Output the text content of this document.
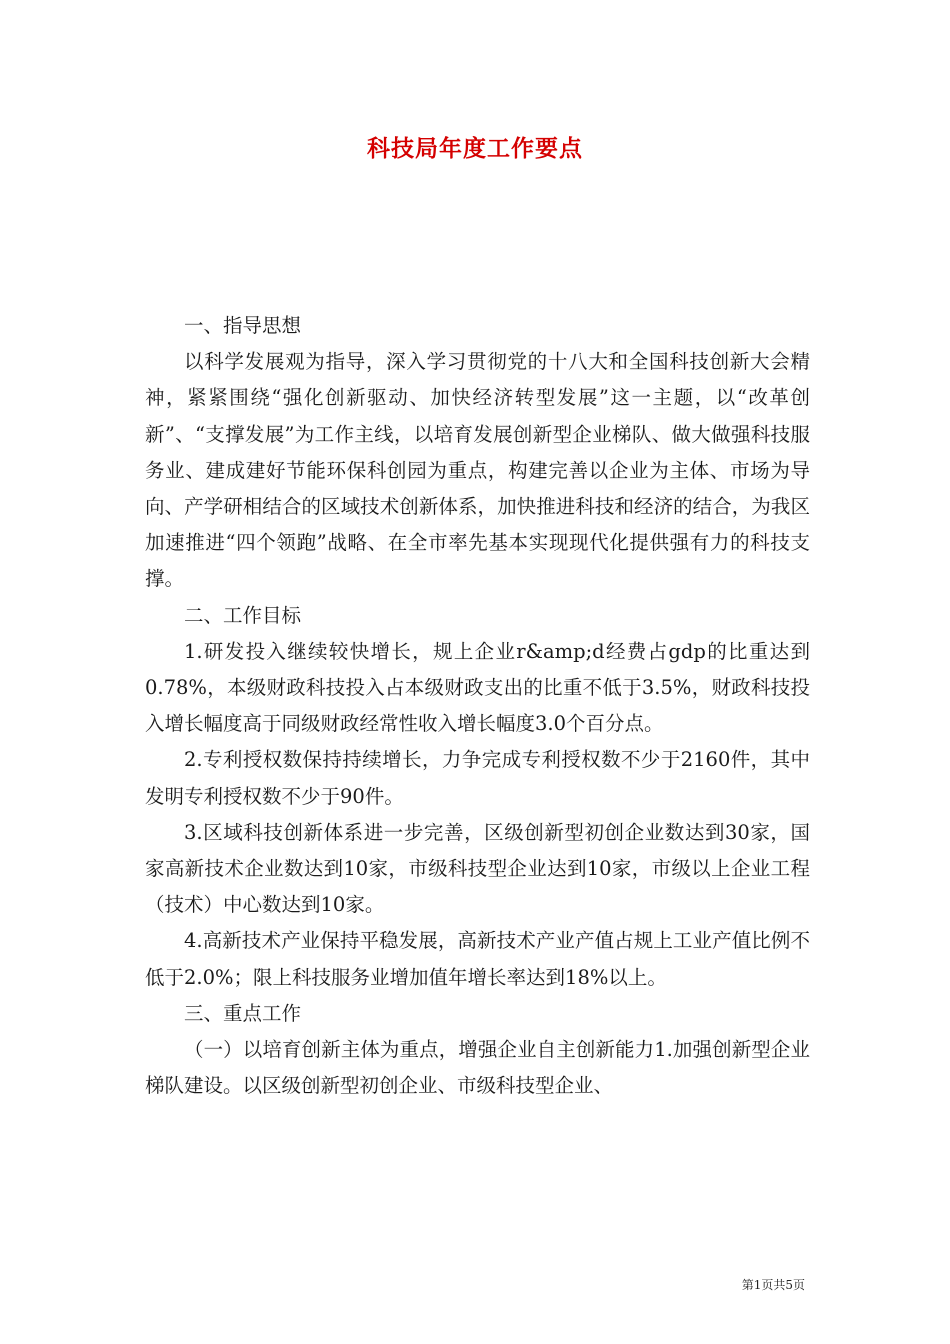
科技局年度工作要点

一、指导思想

以科学发展观为指导，深入学习贯彻党的十八大和全国科技创新大会精神，紧紧围绕“强化创新驱动、加快经济转型发展”这一主题，以“改革创新”、“支撑发展”为工作主线，以培育发展创新型企业梯队、做大做强科技服务业、建成建好节能环保科创园为重点，构建完善以企业为主体、市场为导向、产学研相结合的区域技术创新体系，加快推进科技和经济的结合，为我区加速推进“四个领跑”战略、在全市率先基本实现现代化提供强有力的科技支撑。

二、工作目标

1.研发投入继续较快增长，规上企业r&amp;d经费占gdp的比重达到0.78%，本级财政科技投入占本级财政支出的比重不低于3.5%，财政科技投入增长幅度高于同级财政经常性收入增长幅度3.0个百分点。

2.专利授权数保持持续增长，力争完成专利授权数不少于2160件，其中发明专利授权数不少于90件。

3.区域科技创新体系进一步完善，区级创新型初创企业数达到30家，国家高新技术企业数达到10家，市级科技型企业达到10家，市级以上企业工程（技术）中心数达到10家。

4.高新技术产业保持平稳发展，高新技术产业产值占规上工业产值比例不低于2.0%；限上科技服务业增加值年增长率达到18%以上。

三、重点工作

（一）以培育创新主体为重点，增强企业自主创新能力1.加强创新型企业梯队建设。以区级创新型初创企业、市级科技型企业、

第1页共5页
